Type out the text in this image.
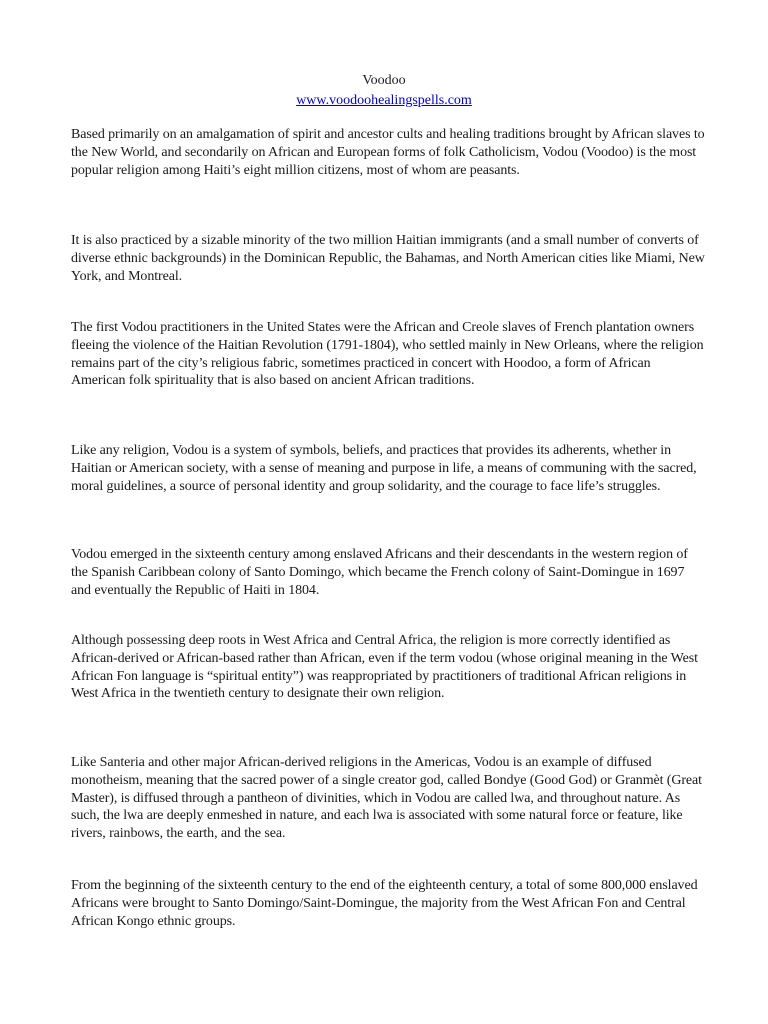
Voodoo
www.voodoohealingspells.com

Based primarily on an amalgamation of spirit and ancestor cults and healing traditions brought by African slaves to the New World, and secondarily on African and European forms of folk Catholicism, Vodou (Voodoo) is the most popular religion among Haiti’s eight million citizens, most of whom are peasants.

It is also practiced by a sizable minority of the two million Haitian immigrants (and a small number of converts of diverse ethnic backgrounds) in the Dominican Republic, the Bahamas, and North American cities like Miami, New York, and Montreal.

The first Vodou practitioners in the United States were the African and Creole slaves of French plantation owners fleeing the violence of the Haitian Revolution (1791-1804), who settled mainly in New Orleans, where the religion remains part of the city’s religious fabric, sometimes practiced in concert with Hoodoo, a form of African American folk spirituality that is also based on ancient African traditions.

Like any religion, Vodou is a system of symbols, beliefs, and practices that provides its adherents, whether in Haitian or American society, with a sense of meaning and purpose in life, a means of communing with the sacred, moral guidelines, a source of personal identity and group solidarity, and the courage to face life’s struggles.

Vodou emerged in the sixteenth century among enslaved Africans and their descendants in the western region of the Spanish Caribbean colony of Santo Domingo, which became the French colony of Saint-Domingue in 1697 and eventually the Republic of Haiti in 1804.

Although possessing deep roots in West Africa and Central Africa, the religion is more correctly identified as African-derived or African-based rather than African, even if the term vodou (whose original meaning in the West African Fon language is “spiritual entity”) was reappropriated by practitioners of traditional African religions in West Africa in the twentieth century to designate their own religion.

Like Santeria and other major African-derived religions in the Americas, Vodou is an example of diffused monotheism, meaning that the sacred power of a single creator god, called Bondye (Good God) or Granmèt (Great Master), is diffused through a pantheon of divinities, which in Vodou are called lwa, and throughout nature. As such, the lwa are deeply enmeshed in nature, and each lwa is associated with some natural force or feature, like rivers, rainbows, the earth, and the sea.

From the beginning of the sixteenth century to the end of the eighteenth century, a total of some 800,000 enslaved Africans were brought to Santo Domingo/Saint-Domingue, the majority from the West African Fon and Central African Kongo ethnic groups.
